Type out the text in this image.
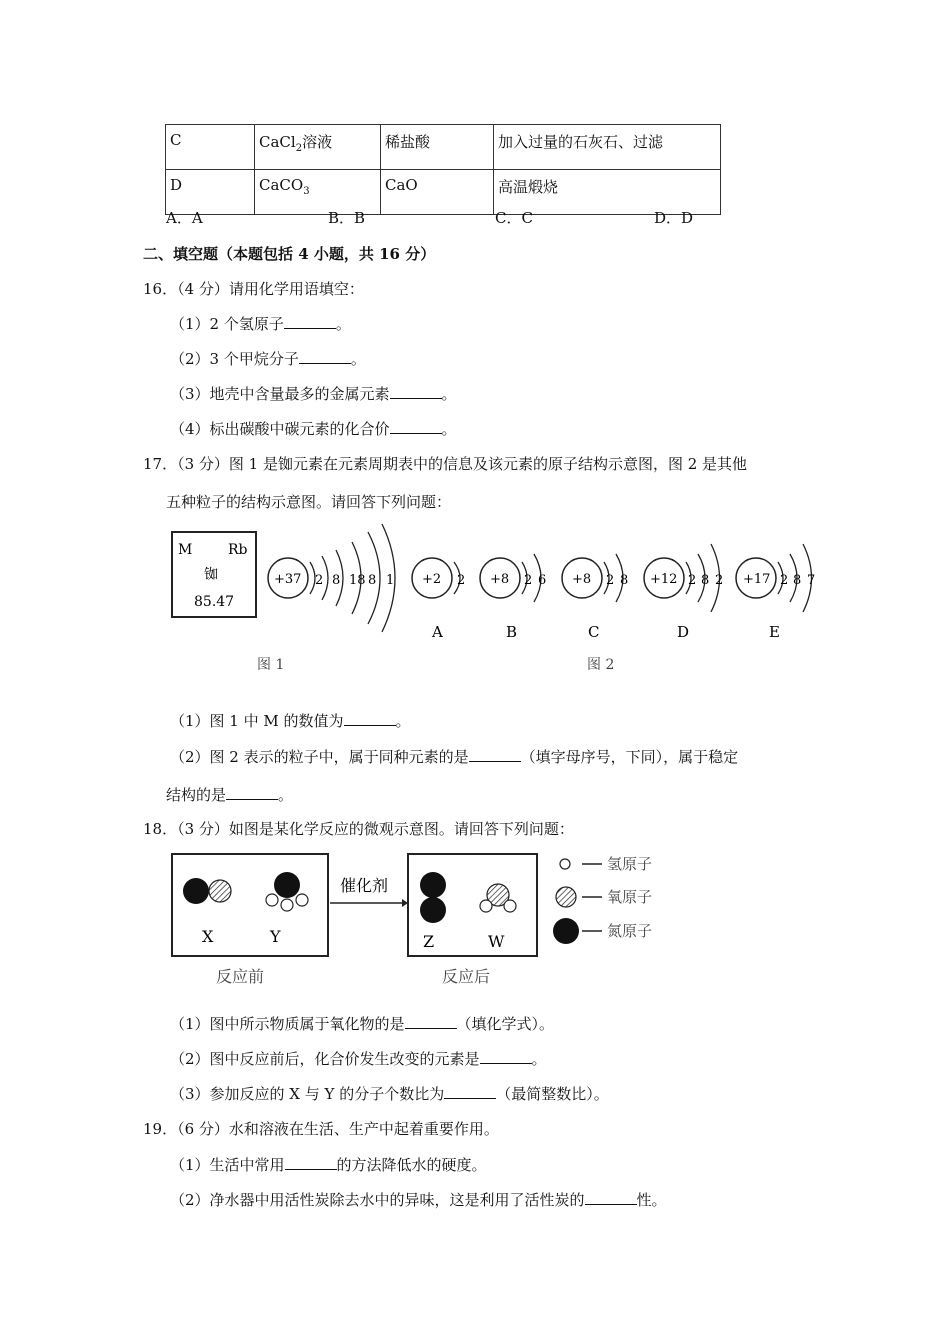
C	CaCl$_2$溶液	稀盐酸	加入过量的石灰石、过滤
D	CaCO$_3$	CaO	高温煅烧
A．A	B．B	C．C	D．D
二、填空题（本题包括 4 小题，共 16 分）
16．（4 分）请用化学用语填空：
（1）2 个氢原子	。
（2）3 个甲烷分子	。
（3）地壳中含量最多的金属元素	。
（4）标出碳酸中碳元素的化合价	。
17．（3 分）图 1 是铷元素在元素周期表中的信息及该元素的原子结构示意图，图 2 是其他
五种粒子的结构示意图。请回答下列问题：
M	Rb
铷
85.47
+37 2 8 18 8 1 +2 2
A
+8 2 6
B
+8 2 8
C
+12 2 8 2
D
+17 2 8 7
E
图 1	图 2
（1）图 1 中 M 的数值为	。
（2）图 2 表示的粒子中，属于同种元素的是	（填字母序号，下同），属于稳定
结构的是	。
18．（3 分）如图是某化学反应的微观示意图。请回答下列问题：
X	Y
催化剂
Z	W
反应前	反应后
氢原子
氧原子
氮原子
（1）图中所示物质属于氧化物的是	（填化学式）。
（2）图中反应前后，化合价发生改变的元素是	。
（3）参加反应的 X 与 Y 的分子个数比为	（最简整数比）。
19．（6 分）水和溶液在生活、生产中起着重要作用。
（1）生活中常用	的方法降低水的硬度。
（2）净水器中用活性炭除去水中的异味，这是利用了活性炭的	性。
